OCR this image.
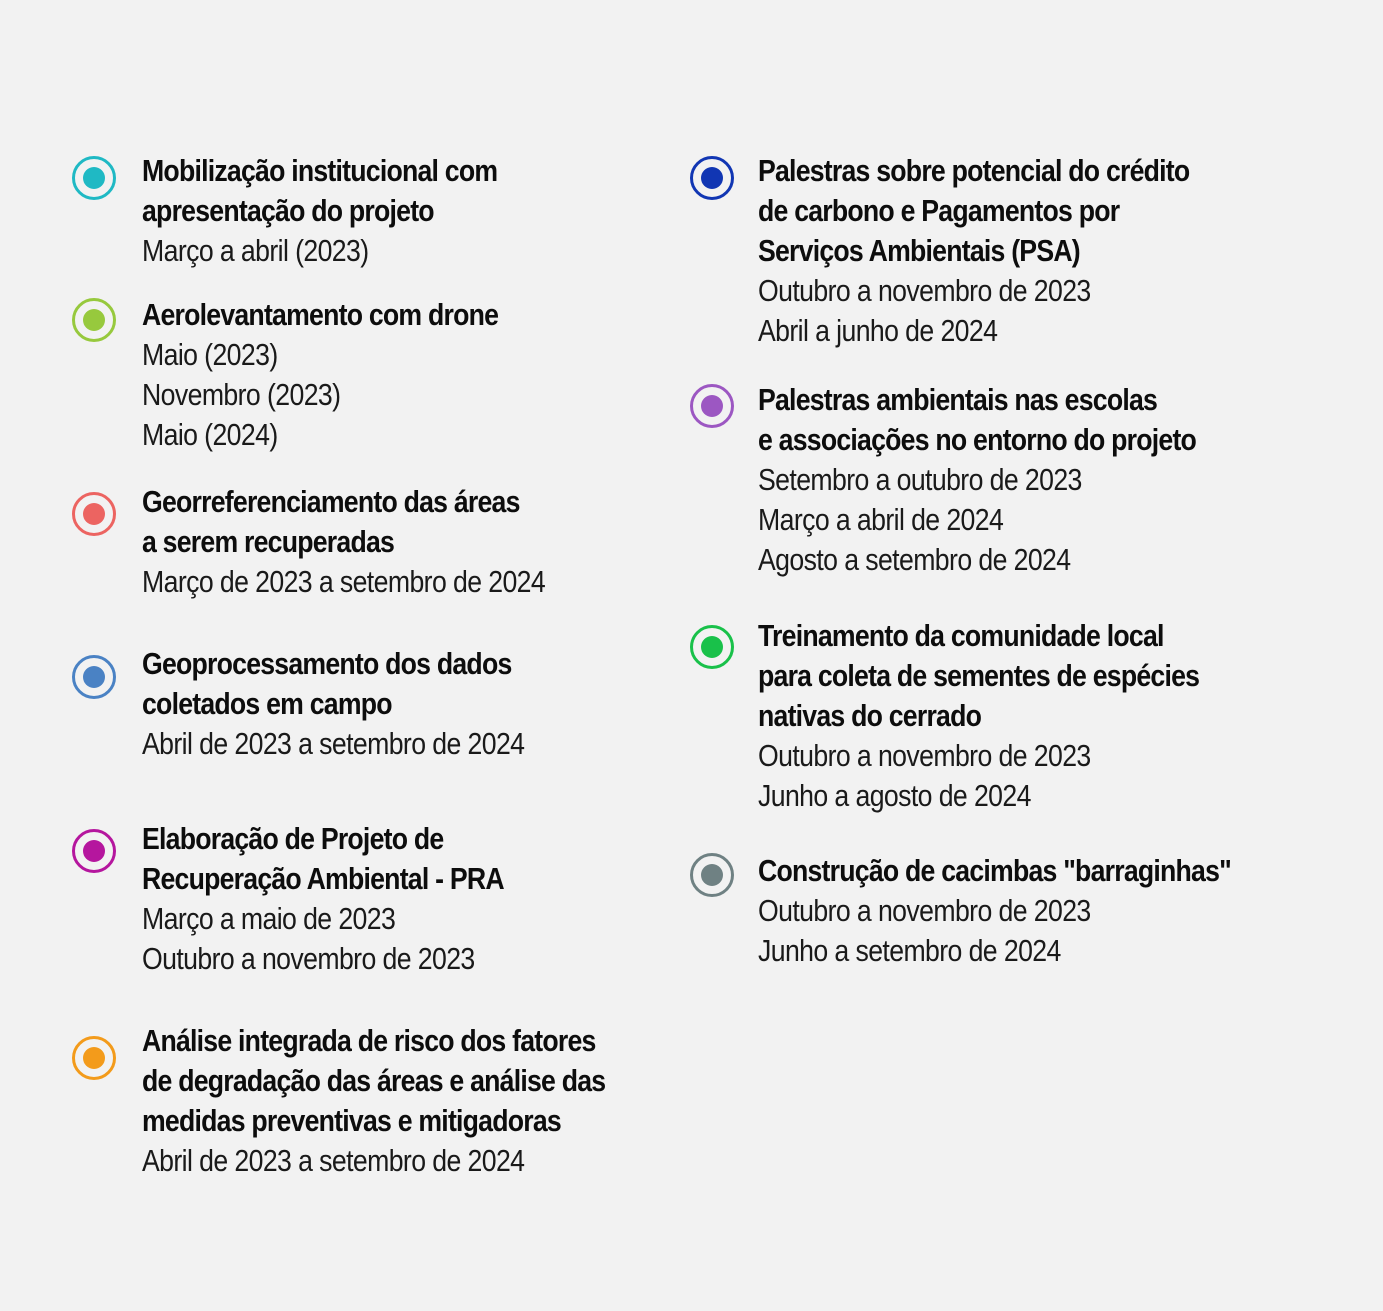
Mobilização institucional com
apresentação do projeto
Março a abril (2023)
Aerolevantamento com drone
Maio (2023)
Novembro (2023)
Maio (2024)
Georreferenciamento das áreas
a serem recuperadas
Março de 2023 a setembro de 2024
Geoprocessamento dos dados
coletados em campo
Abril de 2023 a setembro de 2024
Elaboração de Projeto de
Recuperação Ambiental - PRA
Março a maio de 2023
Outubro a novembro de 2023
Análise integrada de risco dos fatores
de degradação das áreas e análise das
medidas preventivas e mitigadoras
Abril de 2023 a setembro de 2024
Palestras sobre potencial do crédito
de carbono e Pagamentos por
Serviços Ambientais (PSA)
Outubro a novembro de 2023
Abril a junho de 2024
Palestras ambientais nas escolas
e associações no entorno do projeto
Setembro a outubro de 2023
Março a abril de 2024
Agosto a setembro de 2024
Treinamento da comunidade local
para coleta de sementes de espécies
nativas do cerrado
Outubro a novembro de 2023
Junho a agosto de 2024
Construção de cacimbas "barraginhas"
Outubro a novembro de 2023
Junho a setembro de 2024
